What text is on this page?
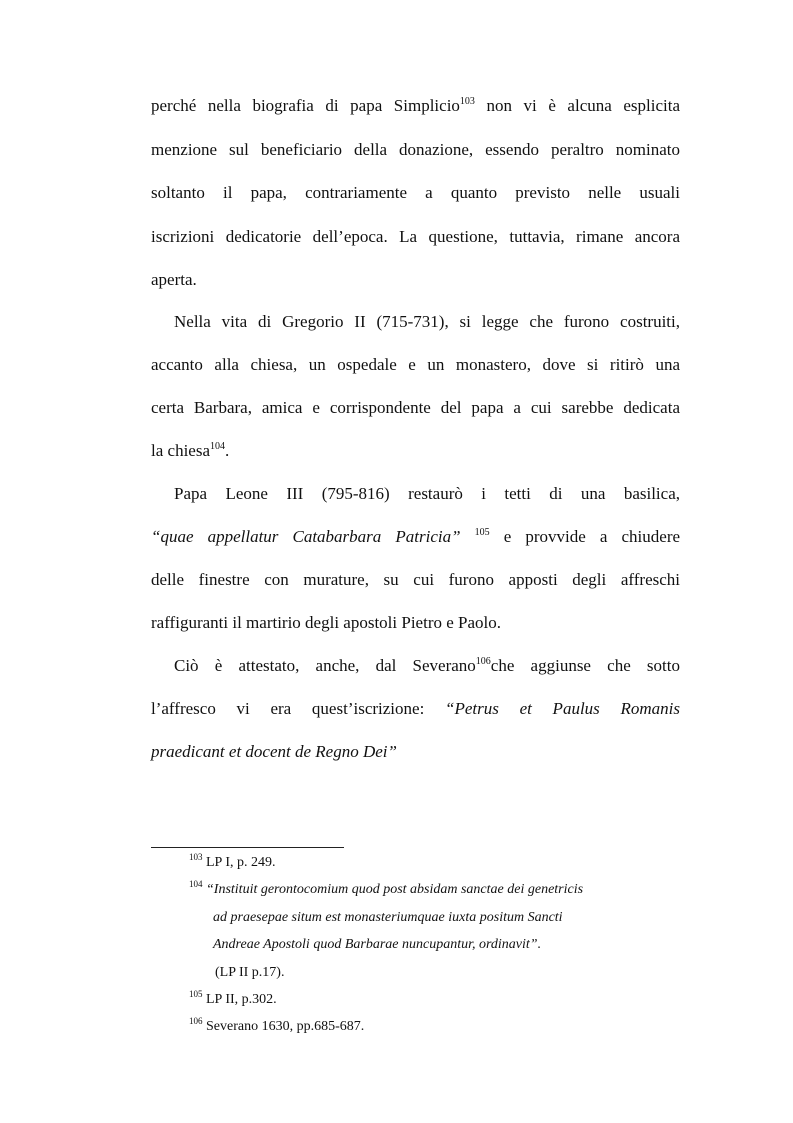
perché nella biografia di papa Simplicio$^{103}$ non vi è alcuna esplicita
menzione sul beneficiario della donazione, essendo peraltro nominato
soltanto il papa, contrariamente a quanto previsto nelle usuali
iscrizioni dedicatorie dell’epoca. La questione, tuttavia, rimane ancora
aperta.
Nella vita di Gregorio II (715-731), si legge che furono costruiti,
accanto alla chiesa, un ospedale e un monastero, dove si ritirò una
certa Barbara, amica e corrispondente del papa a cui sarebbe dedicata
la chiesa$^{104}$.
Papa Leone III (795-816) restaurò i tetti di una basilica,
“quae appellatur Catabarbara Patricia” $^{105}$ e provvide a chiudere
delle finestre con murature, su cui furono apposti degli affreschi
raffiguranti il martirio degli apostoli Pietro e Paolo.
Ciò è attestato, anche, dal Severano$^{106}$che aggiunse che sotto
l’affresco vi era quest’iscrizione: “Petrus et Paulus Romanis
praedicant et docent de Regno Dei”
$^{103}$ LP I, p. 249.
$^{104}$ “Instituit gerontocomium quod post absidam sanctae dei genetricis
ad praesepae situm est monasteriumquae iuxta positum Sancti
Andreae Apostoli quod Barbarae nuncupantur, ordinavit”.
(LP II p.17).
$^{105}$ LP II, p.302.
$^{106}$ Severano 1630, pp.685-687.
